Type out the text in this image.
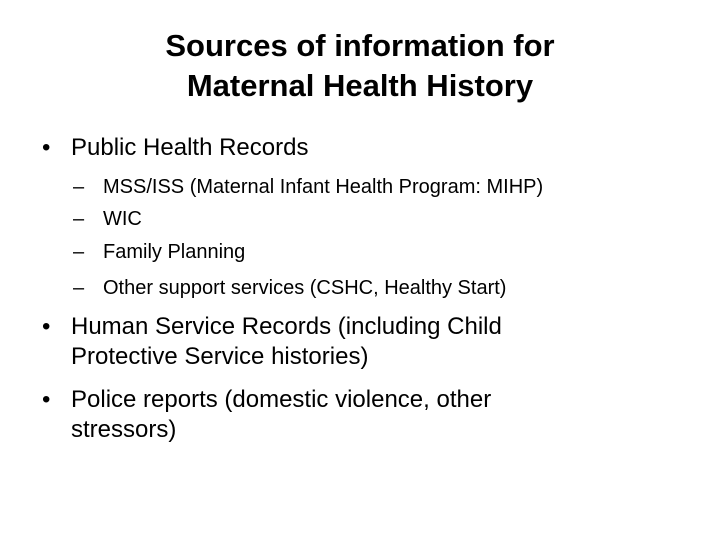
Sources of information for
Maternal Health History
• Public Health Records
– MSS/ISS (Maternal Infant Health Program: MIHP)
– WIC
– Family Planning
– Other support services (CSHC, Healthy Start)
• Human Service Records (including Child
Protective Service histories)
• Police reports (domestic violence, other
stressors)
